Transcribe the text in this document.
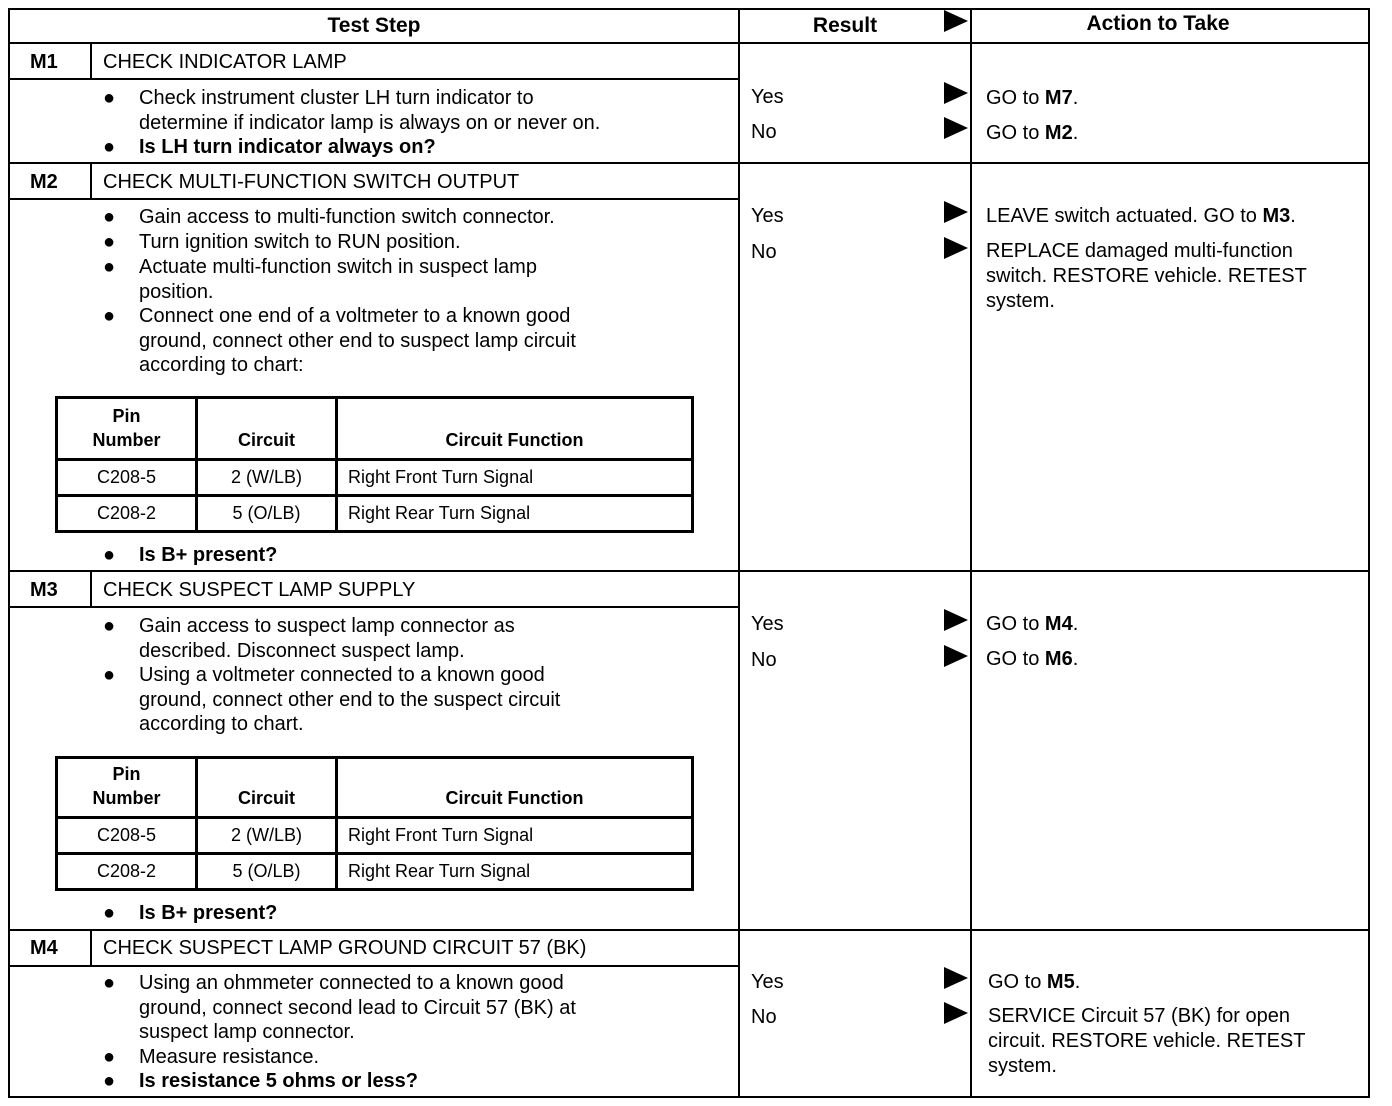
Test Step	Result	Action to Take
M1 CHECK INDICATOR LAMP
● Check instrument cluster LH turn indicator to
determine if indicator lamp is always on or never on.
● Is LH turn indicator always on?
Yes	GO to M7.
No	GO to M2.
M2 CHECK MULTI-FUNCTION SWITCH OUTPUT
● Gain access to multi-function switch connector.
● Turn ignition switch to RUN position.
● Actuate multi-function switch in suspect lamp
position.
● Connect one end of a voltmeter to a known good
ground, connect other end to suspect lamp circuit
according to chart:
Pin
Number	Circuit	Circuit Function
C208-5	2 (W/LB)	Right Front Turn Signal
C208-2	5 (O/LB)	Right Rear Turn Signal
● Is B+ present?
Yes	LEAVE switch actuated. GO to M3.
No	REPLACE damaged multi-function
switch. RESTORE vehicle. RETEST
system.
M3 CHECK SUSPECT LAMP SUPPLY
● Gain access to suspect lamp connector as
described. Disconnect suspect lamp.
● Using a voltmeter connected to a known good
ground, connect other end to the suspect circuit
according to chart.
Pin
Number	Circuit	Circuit Function
C208-5	2 (W/LB)	Right Front Turn Signal
C208-2	5 (O/LB)	Right Rear Turn Signal
● Is B+ present?
Yes	GO to M4.
No	GO to M6.
M4 CHECK SUSPECT LAMP GROUND CIRCUIT 57 (BK)
● Using an ohmmeter connected to a known good
ground, connect second lead to Circuit 57 (BK) at
suspect lamp connector.
● Measure resistance.
● Is resistance 5 ohms or less?
Yes	GO to M5.
No	SERVICE Circuit 57 (BK) for open
circuit. RESTORE vehicle. RETEST
system.
